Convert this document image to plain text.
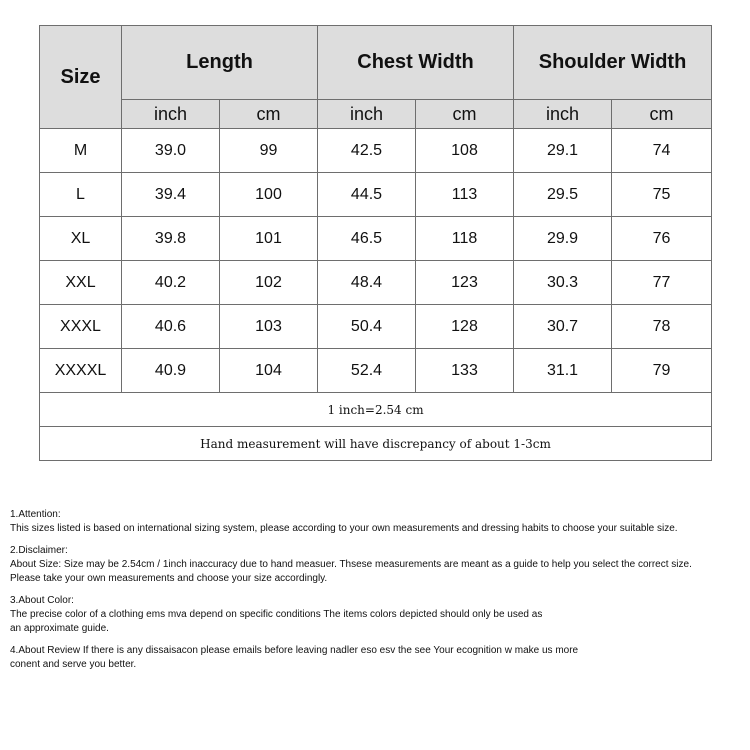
Size	Length		Chest Width		Shoulder Width	
	inch	cm	inch	cm	inch	cm
M	39.0	99	42.5	108	29.1	74
L	39.4	100	44.5	113	29.5	75
XL	39.8	101	46.5	118	29.9	76
XXL	40.2	102	48.4	123	30.3	77
XXXL	40.6	103	50.4	128	30.7	78
XXXXL	40.9	104	52.4	133	31.1	79
1 inch=2.54 cm						
Hand measurement will have discrepancy of about 1-3cm						
1.Attention:
This sizes listed is based on international sizing system, please according to your own measurements and dressing habits to choose your suitable size.
2.Disclaimer:
About Size: Size may be 2.54cm / 1inch inaccuracy due to hand measuer. Thsese measurements are meant as a guide to help you select the correct size.
Please take your own measurements and choose your size accordingly.
3.About Color:
The precise color of a clothing ems mva depend on specific conditions The items colors depicted should only be used as
an approximate guide.
4.About Review If there is any dissaisacon please emails before leaving nadler eso esv the see Your ecognition w make us more
conent and serve you better.
